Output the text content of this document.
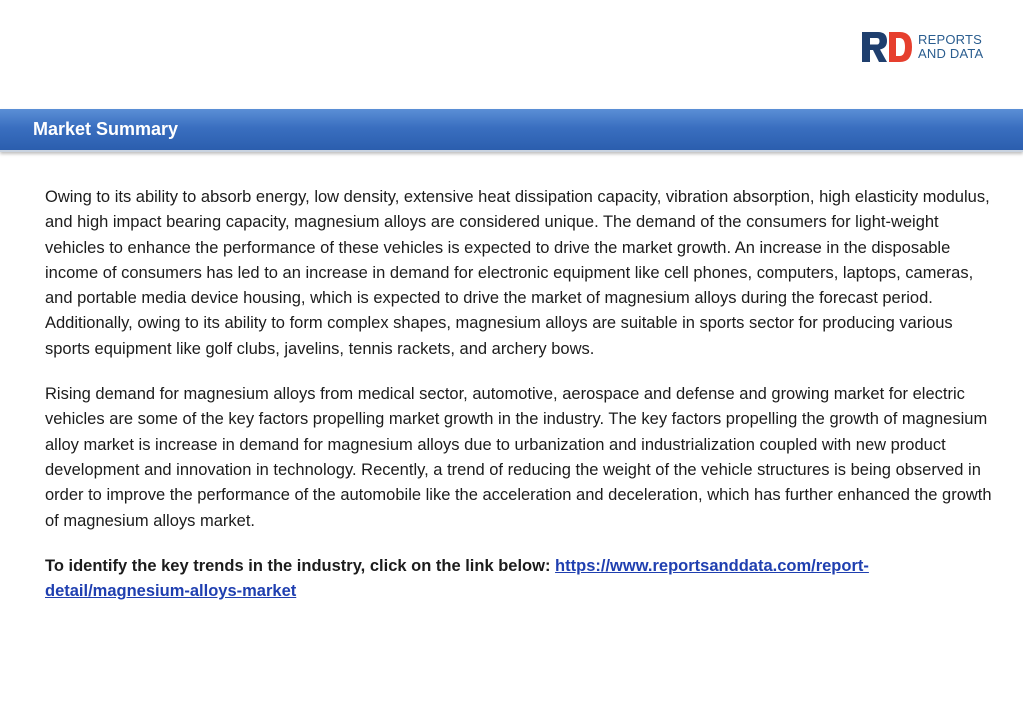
REPORTS
AND DATA
Market Summary

Owing to its ability to absorb energy, low density, extensive heat dissipation capacity, vibration absorption, high elasticity modulus, and high impact bearing capacity, magnesium alloys are considered unique. The demand of the consumers for light-weight vehicles to enhance the performance of these vehicles is expected to drive the market growth. An increase in the disposable income of consumers has led to an increase in demand for electronic equipment like cell phones, computers, laptops, cameras, and portable media device housing, which is expected to drive the market of magnesium alloys during the forecast period. Additionally, owing to its ability to form complex shapes, magnesium alloys are suitable in sports sector for producing various sports equipment like golf clubs, javelins, tennis rackets, and archery bows.

Rising demand for magnesium alloys from medical sector, automotive, aerospace and defense and growing market for electric vehicles are some of the key factors propelling market growth in the industry. The key factors propelling the growth of magnesium alloy market is increase in demand for magnesium alloys due to urbanization and industrialization coupled with new product development and innovation in technology. Recently, a trend of reducing the weight of the vehicle structures is being observed in order to improve the performance of the automobile like the acceleration and deceleration, which has further enhanced the growth of magnesium alloys market.

To identify the key trends in the industry, click on the link below: https://www.reportsanddata.com/report-detail/magnesium-alloys-market
